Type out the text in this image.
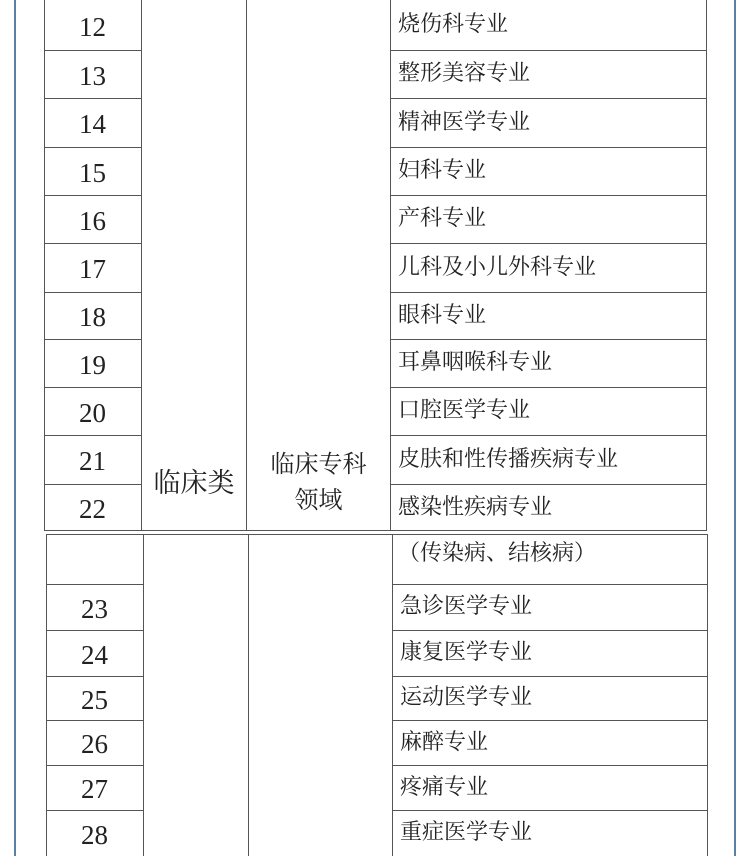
临床类
临床专科
领域
12	烧伤科专业
13	整形美容专业
14	精神医学专业
15	妇科专业
16	产科专业
17	儿科及小儿外科专业
18	眼科专业
19	耳鼻咽喉科专业
20	口腔医学专业
21	皮肤和性传播疾病专业
22	感染性疾病专业
（传染病、结核病）
23	急诊医学专业
24	康复医学专业
25	运动医学专业
26	麻醉专业
27	疼痛专业
28	重症医学专业
